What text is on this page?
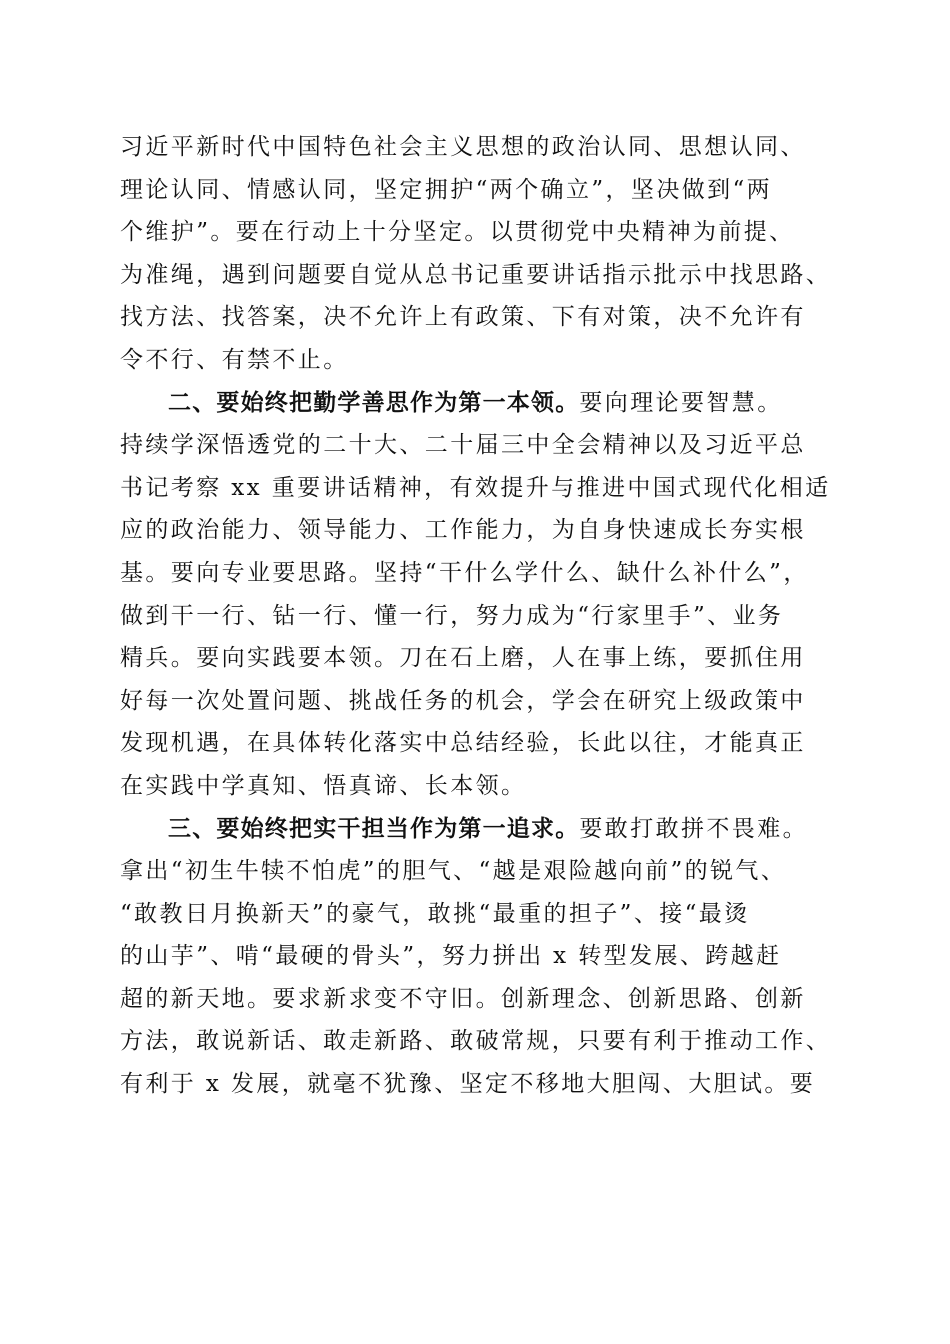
习近平新时代中国特色社会主义思想的政治认同、思想认同、
理论认同、情感认同，坚定拥护“两个确立”，坚决做到“两
个维护”。要在行动上十分坚定。以贯彻党中央精神为前提、
为准绳，遇到问题要自觉从总书记重要讲话指示批示中找思路、
找方法、找答案，决不允许上有政策、下有对策，决不允许有
令不行、有禁不止。
二、要始终把勤学善思作为第一本领。要向理论要智慧。
持续学深悟透党的二十大、二十届三中全会精神以及习近平总
书记考察 xx 重要讲话精神，有效提升与推进中国式现代化相适
应的政治能力、领导能力、工作能力，为自身快速成长夯实根
基。要向专业要思路。坚持“干什么学什么、缺什么补什么”，
做到干一行、钻一行、懂一行，努力成为“行家里手”、业务
精兵。要向实践要本领。刀在石上磨，人在事上练，要抓住用
好每一次处置问题、挑战任务的机会，学会在研究上级政策中
发现机遇，在具体转化落实中总结经验，长此以往，才能真正
在实践中学真知、悟真谛、长本领。
三、要始终把实干担当作为第一追求。要敢打敢拼不畏难。
拿出“初生牛犊不怕虎”的胆气、“越是艰险越向前”的锐气、
“敢教日月换新天”的豪气，敢挑“最重的担子”、接“最烫
的山芋”、啃“最硬的骨头”，努力拼出 x 转型发展、跨越赶
超的新天地。要求新求变不守旧。创新理念、创新思路、创新
方法，敢说新话、敢走新路、敢破常规，只要有利于推动工作、
有利于 x 发展，就毫不犹豫、坚定不移地大胆闯、大胆试。要
